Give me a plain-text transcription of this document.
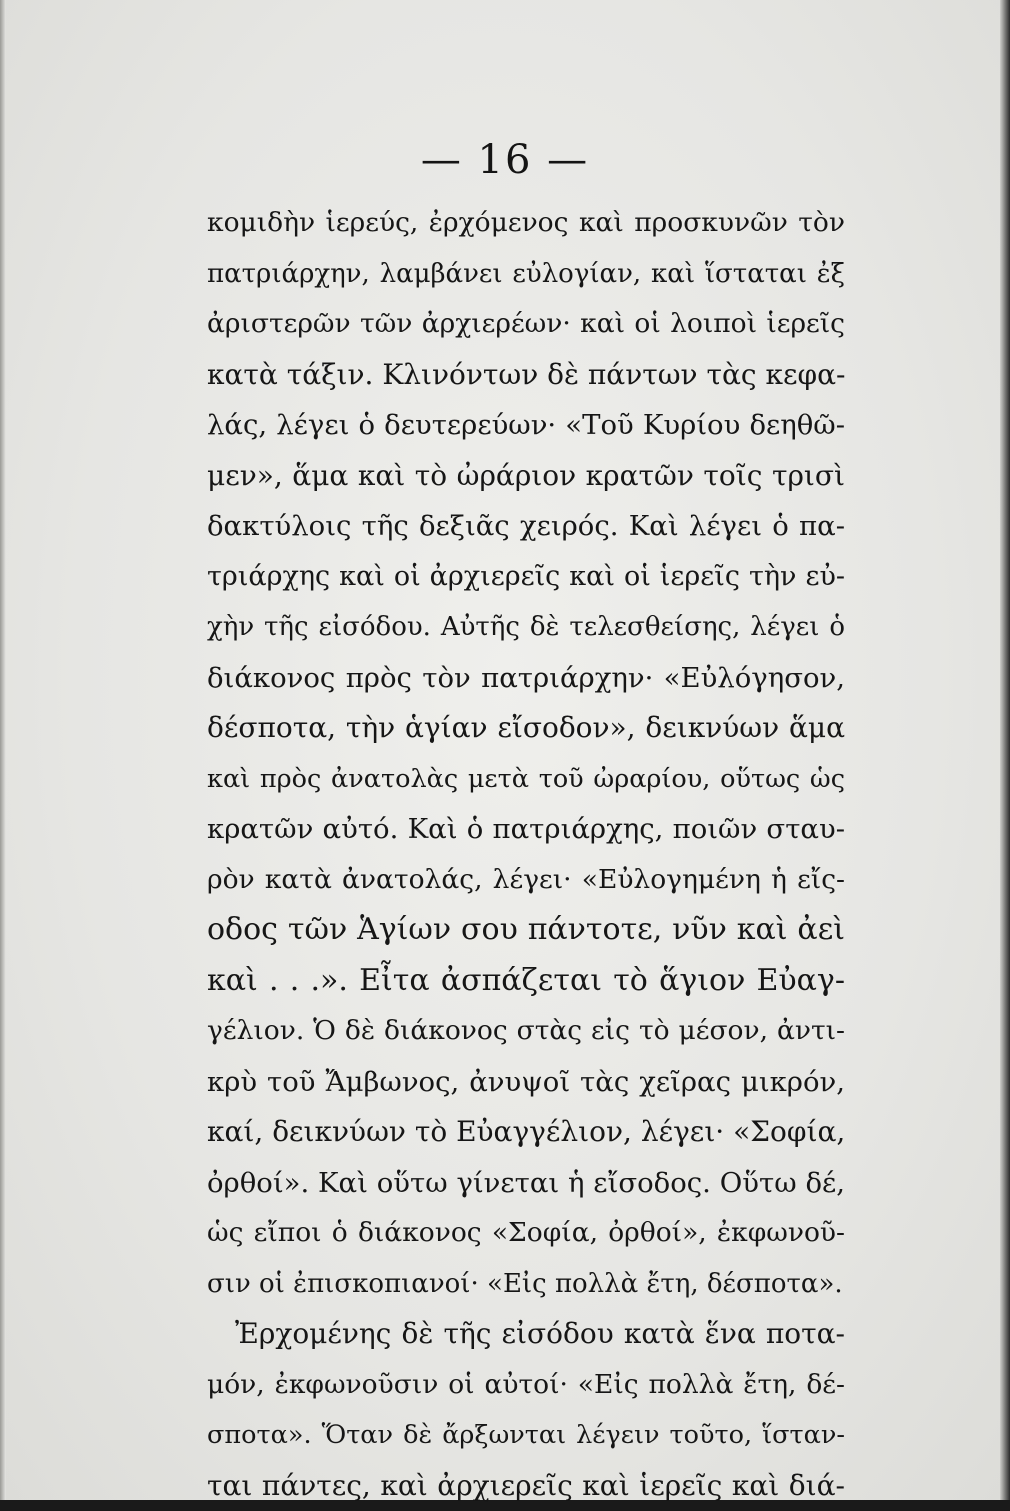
— 16 —
κομιδὴν ἱερεύς, ἐρχόμενος καὶ προσκυνῶν τὸν
πατριάρχην, λαμβάνει εὐλογίαν, καὶ ἵσταται ἐξ
ἀριστερῶν τῶν ἀρχιερέων· καὶ οἱ λοιποὶ ἱερεῖς
κατὰ τάξιν. Κλινόντων δὲ πάντων τὰς κεφα-
λάς, λέγει ὁ δευτερεύων· «Τοῦ Κυρίου δεηθῶ-
μεν», ἅμα καὶ τὸ ὠράριον κρατῶν τοῖς τρισὶ
δακτύλοις τῆς δεξιᾶς χειρός. Καὶ λέγει ὁ πα-
τριάρχης καὶ οἱ ἀρχιερεῖς καὶ οἱ ἱερεῖς τὴν εὐ-
χὴν τῆς εἰσόδου. Αὐτῆς δὲ τελεσθείσης, λέγει ὁ
διάκονος πρὸς τὸν πατριάρχην· «Εὐλόγησον,
δέσποτα, τὴν ἁγίαν εἴσοδον», δεικνύων ἅμα
καὶ πρὸς ἀνατολὰς μετὰ τοῦ ὠραρίου, οὕτως ὡς
κρατῶν αὐτό. Καὶ ὁ πατριάρχης, ποιῶν σταυ-
ρὸν κατὰ ἀνατολάς, λέγει· «Εὐλογημένη ἡ εἴς-
οδος τῶν Ἁγίων σου πάντοτε, νῦν καὶ ἀεὶ
καὶ . . .». Εἶτα ἀσπάζεται τὸ ἅγιον Εὐαγ-
γέλιον. Ὁ δὲ διάκονος στὰς εἰς τὸ μέσον, ἀντι-
κρὺ τοῦ Ἄμβωνος, ἀνυψοῖ τὰς χεῖρας μικρόν,
καί, δεικνύων τὸ Εὐαγγέλιον, λέγει· «Σοφία,
ὀρθοί». Καὶ οὕτω γίνεται ἡ εἴσοδος. Οὕτω δέ,
ὡς εἴποι ὁ διάκονος «Σοφία, ὀρθοί», ἐκφωνοῦ-
σιν οἱ ἐπισκοπιανοί· «Εἰς πολλὰ ἔτη, δέσποτα».
Ἐρχομένης δὲ τῆς εἰσόδου κατὰ ἕνα ποτα-
μόν, ἐκφωνοῦσιν οἱ αὐτοί· «Εἰς πολλὰ ἔτη, δέ-
σποτα». Ὅταν δὲ ἄρξωνται λέγειν τοῦτο, ἵσταν-
ται πάντες, καὶ ἀρχιερεῖς καὶ ἱερεῖς καὶ διά-
